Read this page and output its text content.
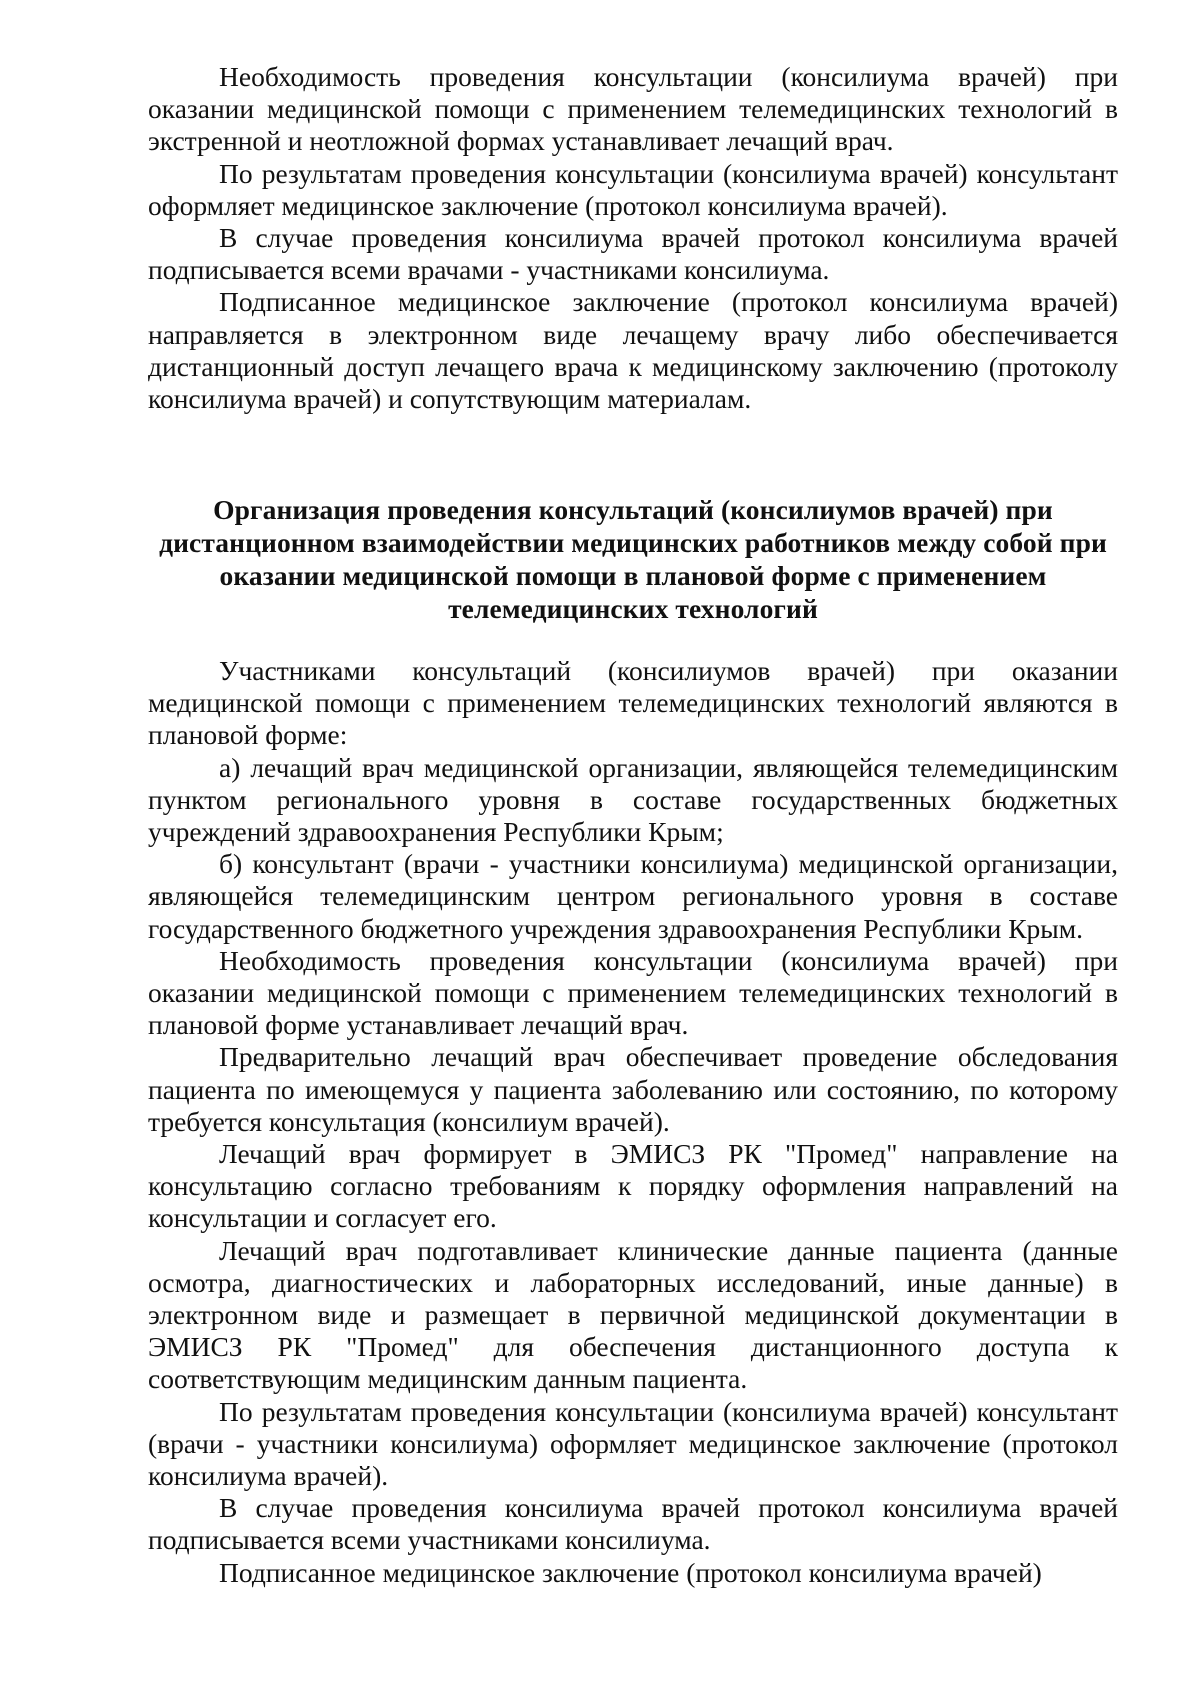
Необходимость проведения консультации (консилиума врачей) при оказании медицинской помощи с применением телемедицинских технологий в экстренной и неотложной формах устанавливает лечащий врач.

По результатам проведения консультации (консилиума врачей) консультант оформляет медицинское заключение (протокол консилиума врачей).

В случае проведения консилиума врачей протокол консилиума врачей подписывается всеми врачами - участниками консилиума.

Подписанное медицинское заключение (протокол консилиума врачей) направляется в электронном виде лечащему врачу либо обеспечивается дистанционный доступ лечащего врача к медицинскому заключению (протоколу консилиума врачей) и сопутствующим материалам.

Организация проведения консультаций (консилиумов врачей) при дистанционном взаимодействии медицинских работников между собой при оказании медицинской помощи в плановой форме с применением телемедицинских технологий

Участниками консультаций (консилиумов врачей) при оказании медицинской помощи с применением телемедицинских технологий являются в плановой форме:

а) лечащий врач медицинской организации, являющейся телемедицинским пунктом регионального уровня в составе государственных бюджетных учреждений здравоохранения Республики Крым;

б) консультант (врачи - участники консилиума) медицинской организации, являющейся телемедицинским центром регионального уровня в составе государственного бюджетного учреждения здравоохранения Республики Крым.

Необходимость проведения консультации (консилиума врачей) при оказании медицинской помощи с применением телемедицинских технологий в плановой форме устанавливает лечащий врач.

Предварительно лечащий врач обеспечивает проведение обследования пациента по имеющемуся у пациента заболеванию или состоянию, по которому требуется консультация (консилиум врачей).

Лечащий врач формирует в ЭМИСЗ РК "Промед" направление на консультацию согласно требованиям к порядку оформления направлений на консультации и согласует его.

Лечащий врач подготавливает клинические данные пациента (данные осмотра, диагностических и лабораторных исследований, иные данные) в электронном виде и размещает в первичной медицинской документации в ЭМИСЗ РК "Промед" для обеспечения дистанционного доступа к соответствующим медицинским данным пациента.

По результатам проведения консультации (консилиума врачей) консультант (врачи - участники консилиума) оформляет медицинское заключение (протокол консилиума врачей).

В случае проведения консилиума врачей протокол консилиума врачей подписывается всеми участниками консилиума.

Подписанное медицинское заключение (протокол консилиума врачей)
